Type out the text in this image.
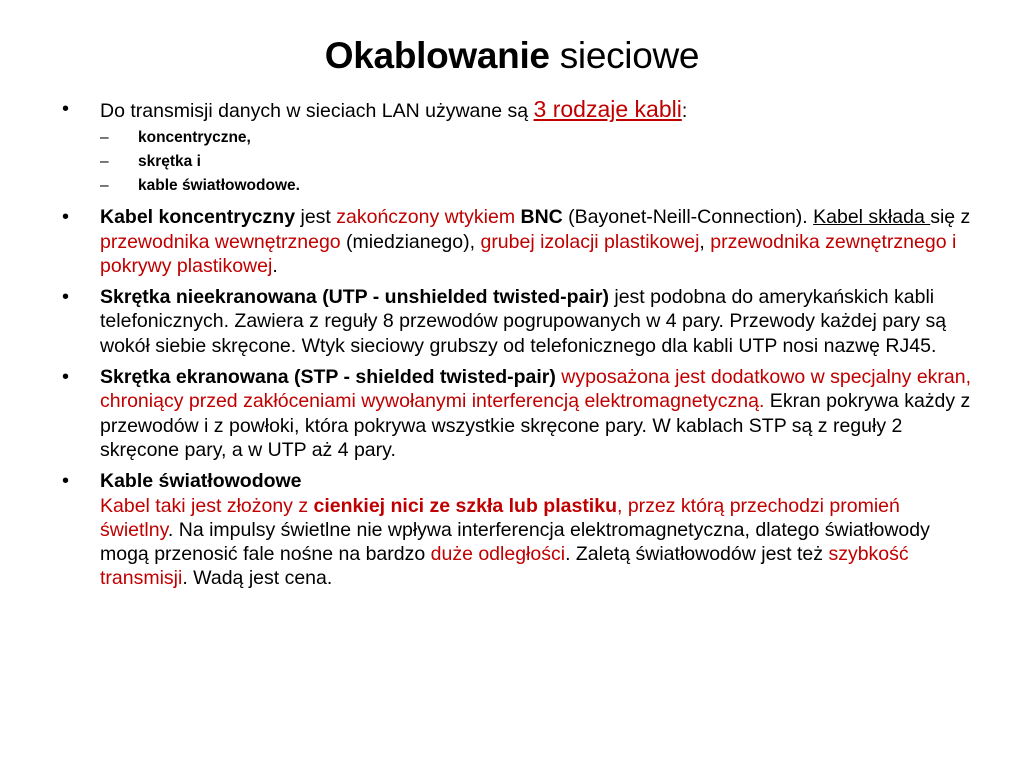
Okablowanie sieciowe
• Do transmisji danych w sieciach LAN używane są 3 rodzaje kabli:
– koncentryczne,
– skrętka i
– kable światłowodowe.
• Kabel koncentryczny jest zakończony wtykiem BNC (Bayonet-Neill-Connection). Kabel składa się z przewodnika wewnętrznego (miedzianego), grubej izolacji plastikowej, przewodnika zewnętrznego i pokrywy plastikowej.
• Skrętka nieekranowana (UTP - unshielded twisted-pair) jest podobna do amerykańskich kabli telefonicznych. Zawiera z reguły 8 przewodów pogrupowanych w 4 pary. Przewody każdej pary są wokół siebie skręcone. Wtyk sieciowy grubszy od telefonicznego dla kabli UTP nosi nazwę RJ45.
• Skrętka ekranowana (STP - shielded twisted-pair) wyposażona jest dodatkowo w specjalny ekran, chroniący przed zakłóceniami wywołanymi interferencją elektromagnetyczną. Ekran pokrywa każdy z przewodów i z powłoki, która pokrywa wszystkie skręcone pary. W kablach STP są z reguły 2 skręcone pary, a w UTP aż 4 pary.
• Kable światłowodowe
Kabel taki jest złożony z cienkiej nici ze szkła lub plastiku, przez którą przechodzi promień świetlny. Na impulsy świetlne nie wpływa interferencja elektromagnetyczna, dlatego światłowody mogą przenosić fale nośne na bardzo duże odległości. Zaletą światłowodów jest też szybkość transmisji. Wadą jest cena.
